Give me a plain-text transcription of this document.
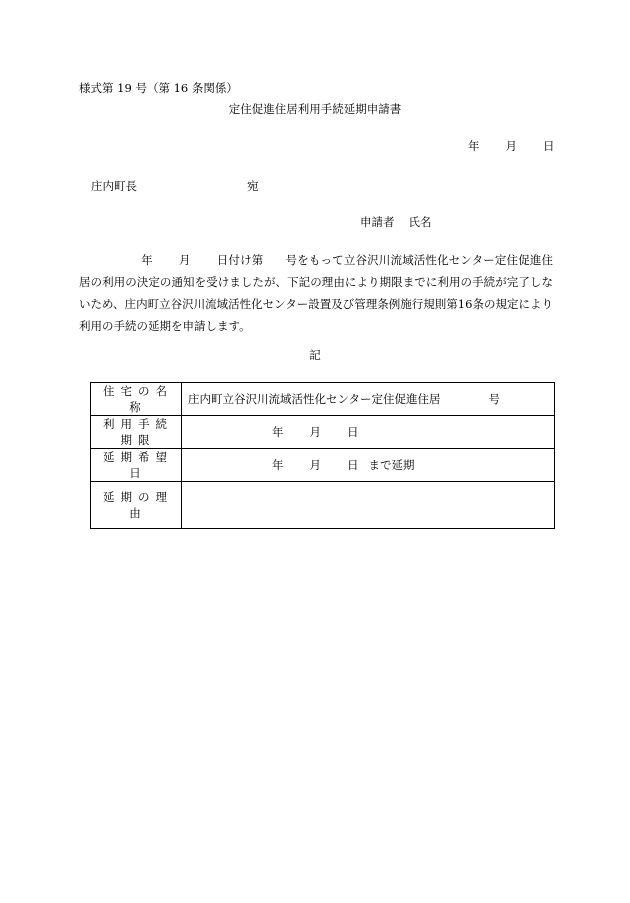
様式第 19 号（第 16 条関係）
定住促進住居利用手続延期申請書
年 月 日
庄内町長	宛
申請者 氏名

年 月 日付け第 号をもって立谷沢川流域活性化センター定住促進住居の利用の決定の通知を受けましたが、下記の理由により期限までに利用の手続が完了しないため、庄内町立谷沢川流域活性化センター設置及び管理条例施行規則第16条の規定により利用の手続の延期を申請します。

記
住宅の名称	庄内町立谷沢川流域活性化センター定住促進住居 号
利用手続期限	年 月 日
延期希望日	年 月 日 まで延期
延期の理由	
